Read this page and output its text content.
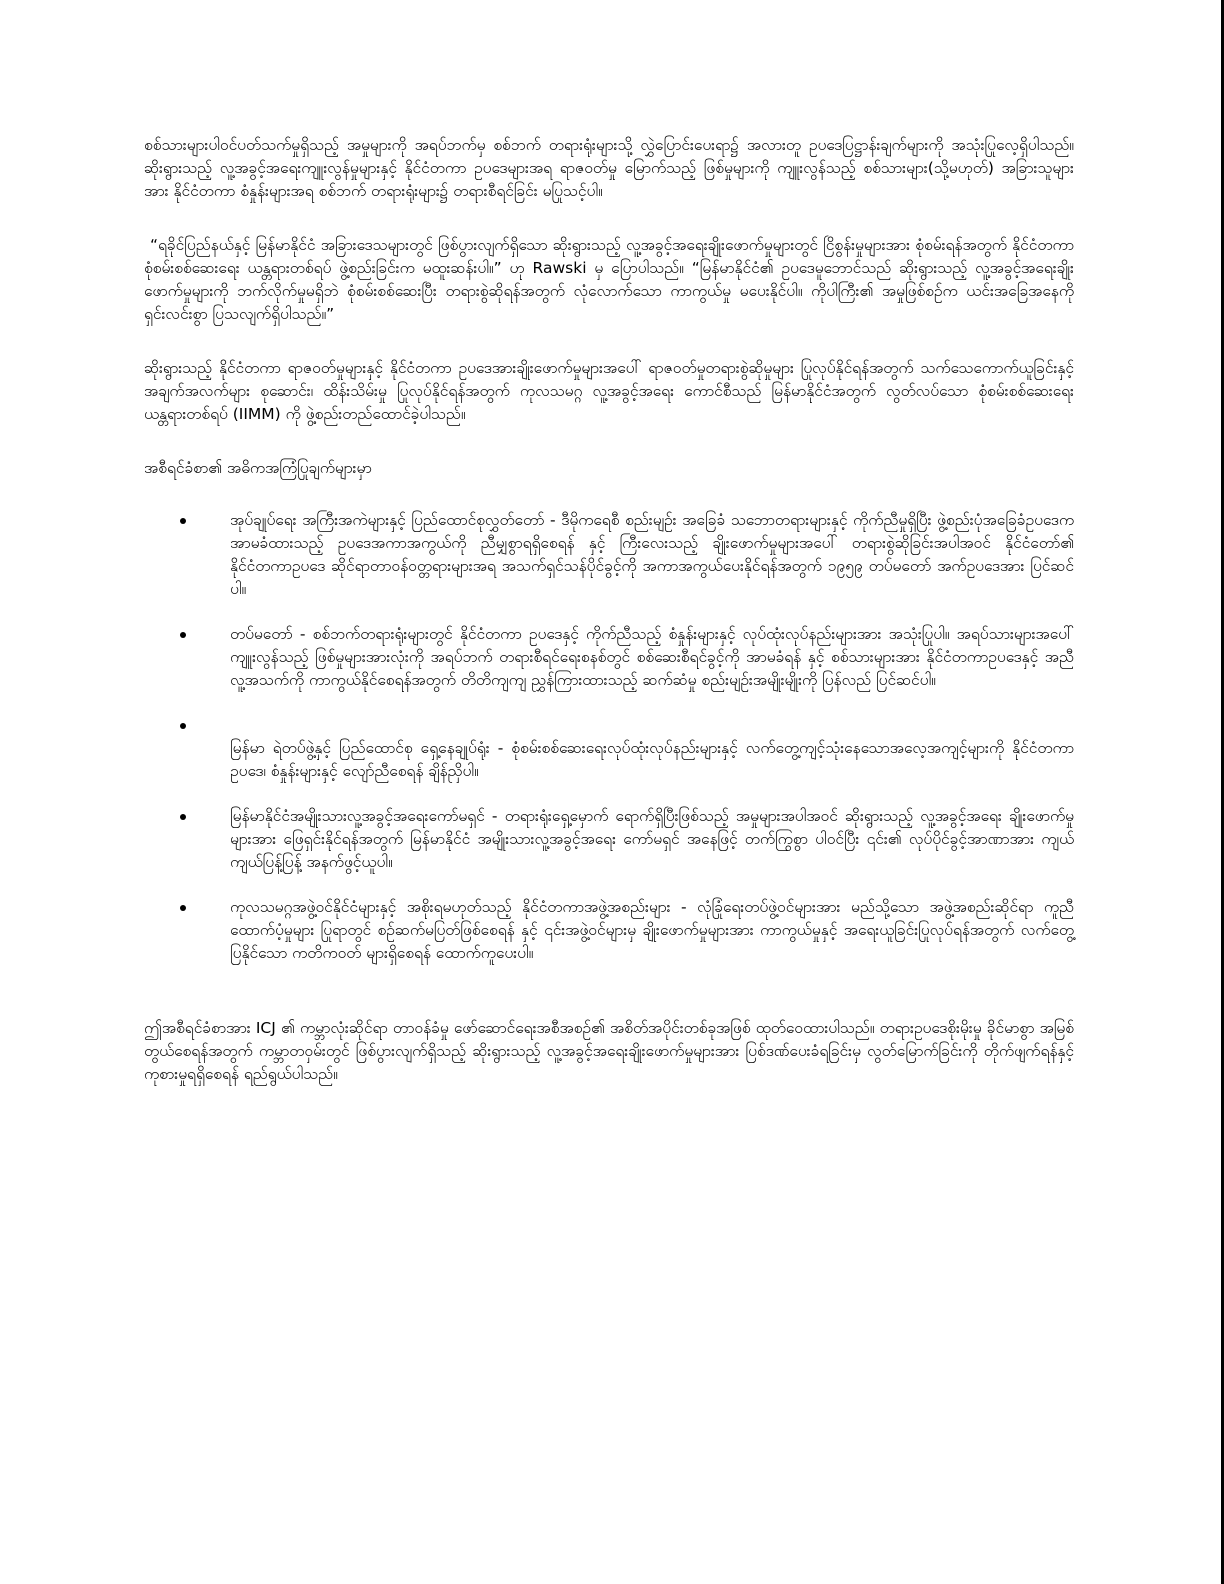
စစ်သားများပါဝင်ပတ်သက်မှုရှိသည့် အမှုများကို အရပ်ဘက်မှ စစ်ဘက် တရားရုံးများသို့ လွှဲပြောင်းပေးရာ၌ အလားတူ ဥပဒေပြဋ္ဌာန်းချက်များကို အသုံးပြုလေ့ရှိပါသည်။ ဆိုးရွားသည့် လူ့အခွင့်အရေးကျူးလွန်မှုများနှင့် နိုင်ငံတကာ ဥပဒေများအရ ရာဇဝတ်မှု မြောက်သည့် ဖြစ်မှုများကို ကျူးလွန်သည့် စစ်သားများ(သို့မဟုတ်) အခြားသူများအား နိုင်ငံတကာ စံနှုန်းများအရ စစ်ဘက် တရားရုံးများ၌ တရားစီရင်ခြင်း မပြုသင့်ပါ။

“ရခိုင်ပြည်နယ်နှင့် မြန်မာနိုင်ငံ အခြားဒေသများတွင် ဖြစ်ပွားလျက်ရှိသော ဆိုးရွားသည့် လူ့အခွင့်အရေးချိုးဖောက်မှုများတွင် ငြိစွန်းမှုများအား စုံစမ်းရန်အတွက် နိုင်ငံတကာ စုံစမ်းစစ်ဆေးရေး ယန္တရားတစ်ရပ် ဖွဲ့စည်းခြင်းက မထူးဆန်းပါ။” ဟု Rawski မှ ပြောပါသည်။ “မြန်မာနိုင်ငံ၏ ဥပဒေမူဘောင်သည် ဆိုးရွားသည့် လူ့အခွင့်အရေးချိုးဖောက်မှုများကို ဘက်လိုက်မှုမရှိဘဲ စုံစမ်းစစ်ဆေးပြီး တရားစွဲဆိုရန်အတွက် လုံလောက်သော ကာကွယ်မှု မပေးနိုင်ပါ။ ကိုပါကြီး၏ အမှုဖြစ်စဉ်က ယင်းအခြေအနေကို ရှင်းလင်းစွာ ပြသလျက်ရှိပါသည်။”

ဆိုးရွားသည့် နိုင်ငံတကာ ရာဇဝတ်မှုများနှင့် နိုင်ငံတကာ ဥပဒေအားချိုးဖောက်မှုများအပေါ် ရာဇဝတ်မှုတရားစွဲဆိုမှုများ ပြုလုပ်နိုင်ရန်အတွက် သက်သေကောက်ယူခြင်းနှင့် အချက်အလက်များ စုဆောင်း၊ ထိန်းသိမ်းမှု ပြုလုပ်နိုင်ရန်အတွက် ကုလသမဂ္ဂ လူ့အခွင့်အရေး ကောင်စီသည် မြန်မာနိုင်ငံအတွက် လွတ်လပ်သော စုံစမ်းစစ်ဆေးရေး ယန္တရားတစ်ရပ် (IIMM) ကို ဖွဲ့စည်းတည်ထောင်ခဲ့ပါသည်။

အစီရင်ခံစာ၏ အဓိကအကြံပြုချက်များမှာ

အုပ်ချုပ်ရေး အကြီးအကဲများနှင့် ပြည်ထောင်စုလွှတ်တော် - ဒီမိုကရေစီ စည်းမျဉ်း အခြေခံ သဘောတရားများနှင့် ကိုက်ညီမှုရှိပြီး ဖွဲ့စည်းပုံအခြေခံဥပဒေက အာမခံထားသည့် ဥပဒေအကာအကွယ်ကို ညီမျှစွာရရှိစေရန် နှင့် ကြီးလေးသည့် ချိုးဖောက်မှုများအပေါ် တရားစွဲဆိုခြင်းအပါအဝင် နိုင်ငံတော်၏ နိုင်ငံတကာဥပဒေ ဆိုင်ရာတာဝန်ဝတ္တရားများအရ အသက်ရှင်သန်ပိုင်ခွင့်ကို အကာအကွယ်ပေးနိုင်ရန်အတွက် ၁၉၅၉ တပ်မတော် အက်ဥပဒေအား ပြင်ဆင်ပါ။
တပ်မတော် - စစ်ဘက်တရားရုံးများတွင် နိုင်ငံတကာ ဥပဒေနှင့် ကိုက်ညီသည့် စံနှုန်းများနှင့် လုပ်ထုံးလုပ်နည်းများအား အသုံးပြုပါ။ အရပ်သားများအပေါ် ကျူးလွန်သည့် ဖြစ်မှုများအားလုံးကို အရပ်ဘက် တရားစီရင်ရေးစနစ်တွင် စစ်ဆေးစီရင်ခွင့်ကို အာမခံရန် နှင့် စစ်သားများအား နိုင်ငံတကာဥပဒေနှင့် အညီ လူ့အသက်ကို ကာကွယ်နိုင်စေရန်အတွက် တိတိကျကျ ညွှန်ကြားထားသည့် ဆက်ဆံမှု စည်းမျဉ်းအမျိုးမျိုးကို ပြန်လည် ပြင်ဆင်ပါ။
မြန်မာ ရဲတပ်ဖွဲ့နှင့် ပြည်ထောင်စု ရှေ့နေချုပ်ရုံး - စုံစမ်းစစ်ဆေးရေးလုပ်ထုံးလုပ်နည်းများနှင့် လက်တွေ့ကျင့်သုံးနေသောအလေ့အကျင့်များကို နိုင်ငံတကာ ဥပဒေ၊ စံနှုန်းများနှင့် လျော်ညီစေရန် ချိန်ညှိပါ။
မြန်မာနိုင်ငံအမျိုးသားလူ့အခွင့်အရေးကော်မရှင် - တရားရုံးရှေ့မှောက် ရောက်ရှိပြီးဖြစ်သည့် အမှုများအပါအဝင် ဆိုးရွားသည့် လူ့အခွင့်အရေး ချိုးဖောက်မှုများအား ဖြေရှင်းနိုင်ရန်အတွက် မြန်မာနိုင်ငံ အမျိုးသားလူ့အခွင့်အရေး ကော်မရှင် အနေဖြင့် တက်ကြွစွာ ပါဝင်ပြီး ၎င်း၏ လုပ်ပိုင်ခွင့်အာဏာအား ကျယ်ကျယ်ပြန့်ပြန့် အနက်ဖွင့်ယူပါ။
ကုလသမဂ္ဂအဖွဲ့ဝင်နိုင်ငံများနှင့် အစိုးရမဟုတ်သည့် နိုင်ငံတကာအဖွဲ့အစည်းများ - လုံခြုံရေးတပ်ဖွဲ့ဝင်များအား မည်သို့သော အဖွဲ့အစည်းဆိုင်ရာ ကူညီထောက်ပံ့မှုများ ပြုရာတွင် စဉ်ဆက်မပြတ်ဖြစ်စေရန် နှင့် ၎င်းအဖွဲ့ဝင်များမှ ချိုးဖောက်မှုများအား ကာကွယ်မှုနှင့် အရေးယူခြင်းပြုလုပ်ရန်အတွက် လက်တွေ့ပြနိုင်သော ကတိကဝတ် များရှိစေရန် ထောက်ကူပေးပါ။

ဤအစီရင်ခံစာအား ICJ ၏ ကမ္ဘာလုံးဆိုင်ရာ တာဝန်ခံမှု ဖော်ဆောင်ရေးအစီအစဉ်၏ အစိတ်အပိုင်းတစ်ခုအဖြစ် ထုတ်ဝေထားပါသည်။ တရားဥပဒေစိုးမိုးမှု ခိုင်မာစွာ အမြစ်တွယ်စေရန်အတွက် ကမ္ဘာတဝှမ်းတွင် ဖြစ်ပွားလျက်ရှိသည့် ဆိုးရွားသည့် လူ့အခွင့်အရေးချိုးဖောက်မှုများအား ပြစ်ဒဏ်ပေးခံရခြင်းမှ လွတ်မြောက်ခြင်းကို တိုက်ဖျက်ရန်နှင့် ကုစားမှုရရှိစေရန် ရည်ရွယ်ပါသည်။
